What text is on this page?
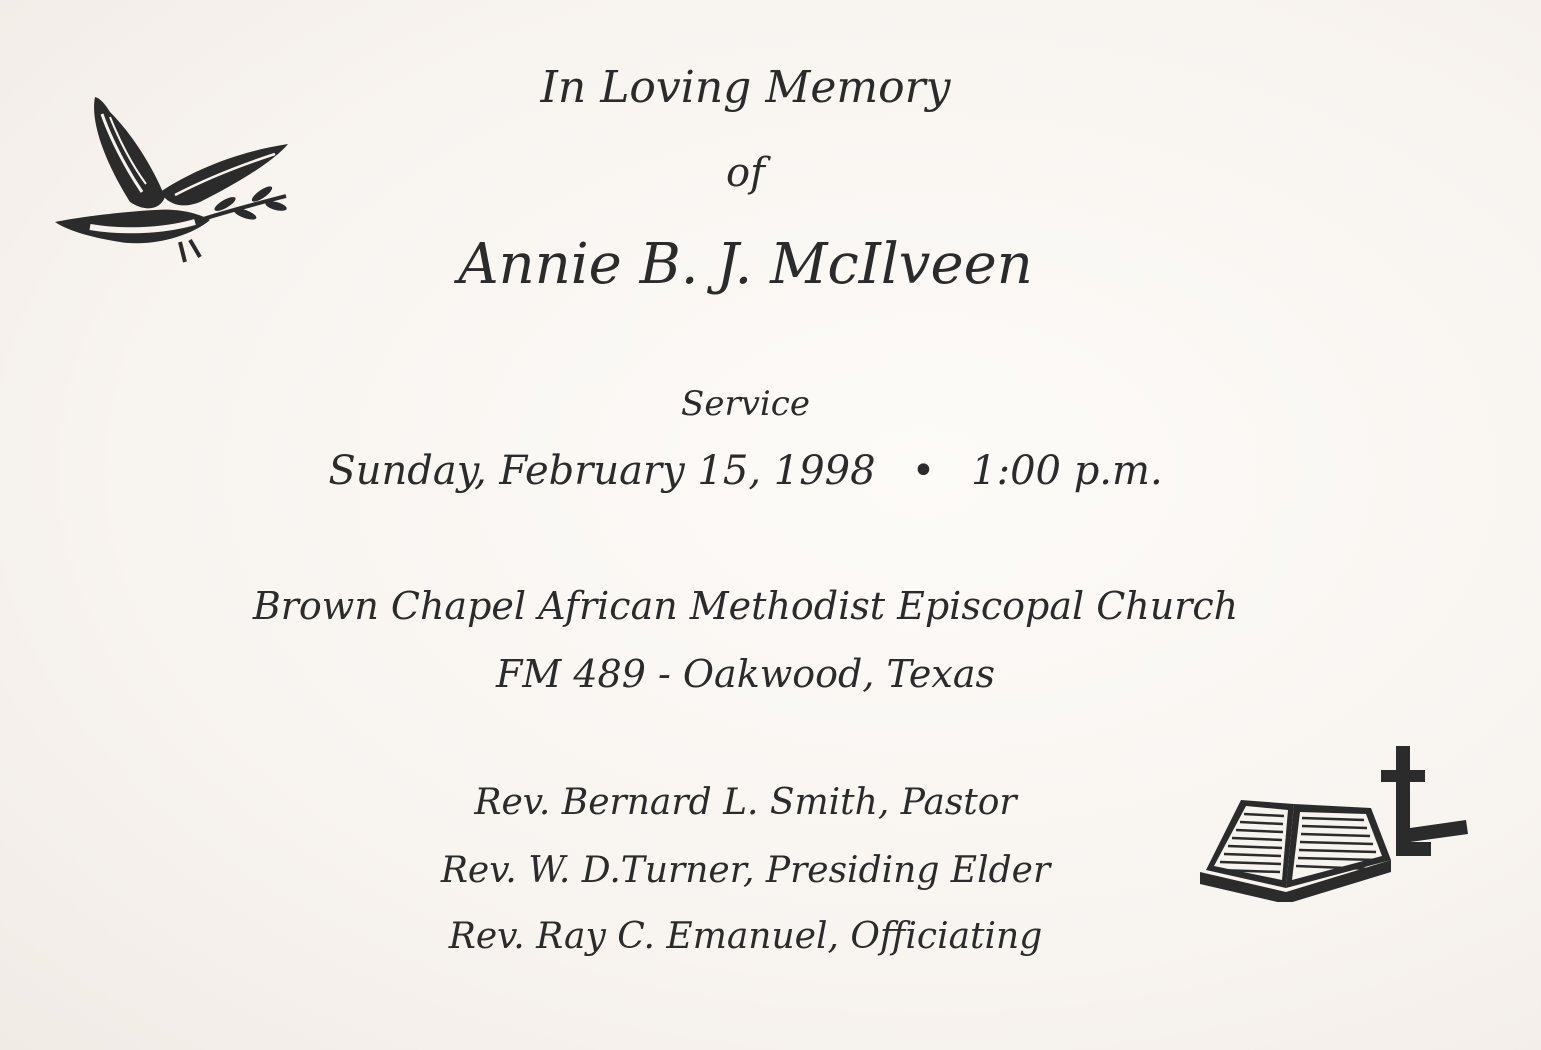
In Loving Memory
of
Annie B. J. McIlveen
Service
Sunday, February 15, 1998 • 1:00 p.m.
Brown Chapel African Methodist Episcopal Church
FM 489 - Oakwood, Texas
Rev. Bernard L. Smith, Pastor
Rev. W. D.Turner, Presiding Elder
Rev. Ray C. Emanuel, Officiating
